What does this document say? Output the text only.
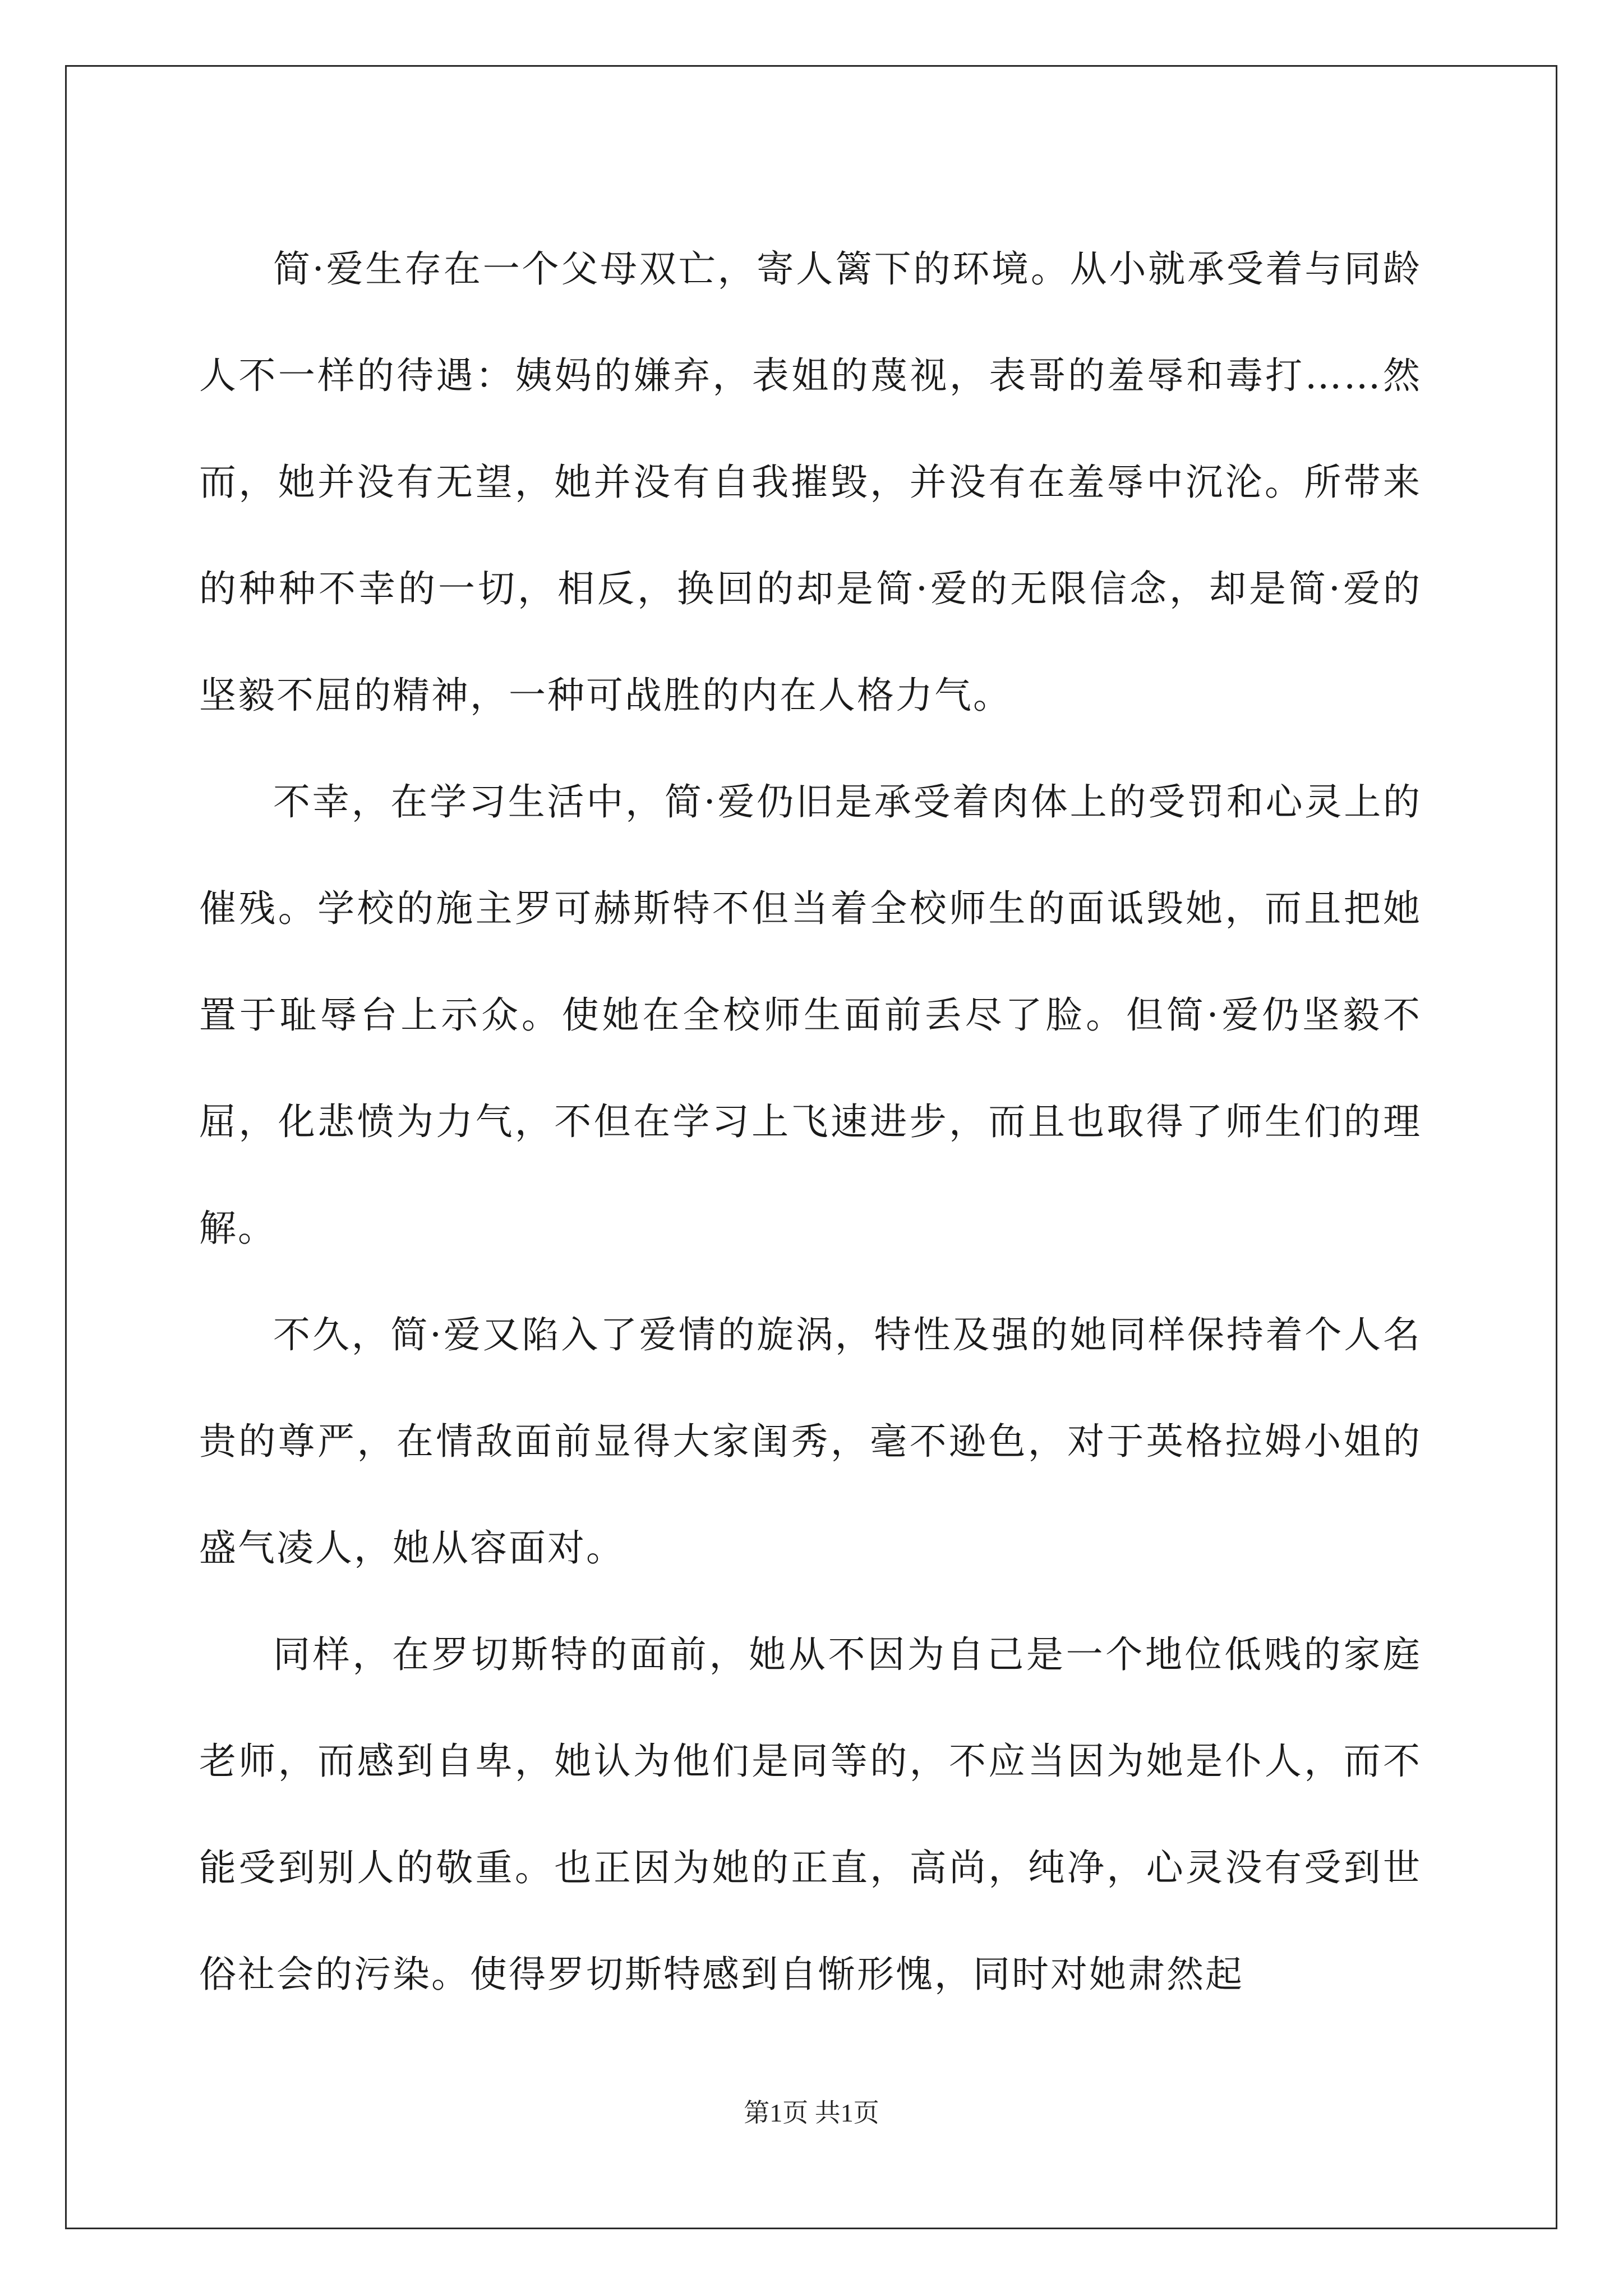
简·爱生存在一个父母双亡，寄人篱下的环境。从小就承受着与同龄人不一样的待遇：姨妈的嫌弃，表姐的蔑视，表哥的羞辱和毒打……然而，她并没有无望，她并没有自我摧毁，并没有在羞辱中沉沦。所带来的种种不幸的一切，相反，换回的却是简·爱的无限信念，却是简·爱的坚毅不屈的精神，一种可战胜的内在人格力气。

不幸，在学习生活中，简·爱仍旧是承受着肉体上的受罚和心灵上的催残。学校的施主罗可赫斯特不但当着全校师生的面诋毁她，而且把她置于耻辱台上示众。使她在全校师生面前丢尽了脸。但简·爱仍坚毅不屈，化悲愤为力气，不但在学习上飞速进步，而且也取得了师生们的理解。

不久，简·爱又陷入了爱情的旋涡，特性及强的她同样保持着个人名贵的尊严，在情敌面前显得大家闺秀，毫不逊色，对于英格拉姆小姐的盛气凌人，她从容面对。

同样，在罗切斯特的面前，她从不因为自己是一个地位低贱的家庭老师，而感到自卑，她认为他们是同等的，不应当因为她是仆人，而不能受到别人的敬重。也正因为她的正直，高尚，纯净，心灵没有受到世俗社会的污染。使得罗切斯特感到自惭形愧，同时对她肃然起

第1页 共1页
